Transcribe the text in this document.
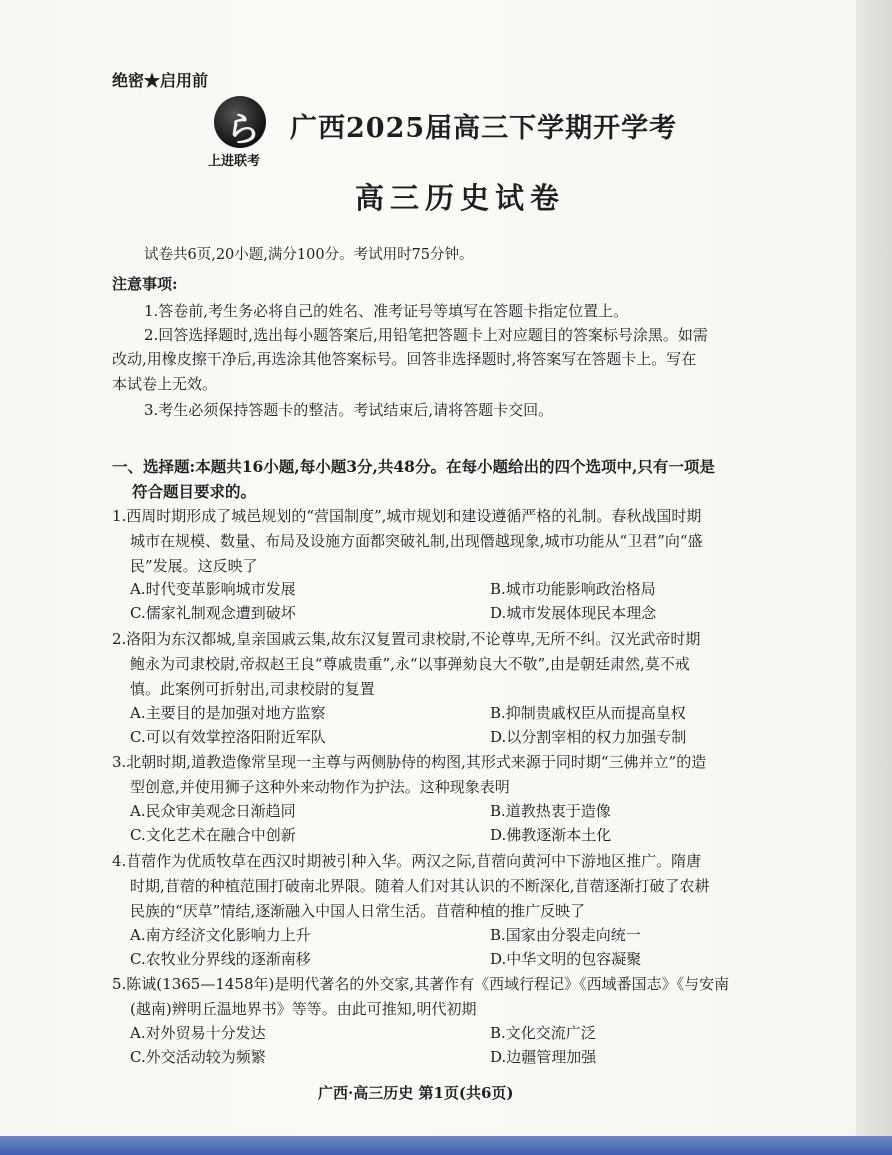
绝密★启用前
ら
上进联考
广西2025届高三下学期开学考
高三历史试卷
试卷共6页,20小题,满分100分。考试用时75分钟。
注意事项:
1.答卷前,考生务必将自己的姓名、准考证号等填写在答题卡指定位置上。
2.回答选择题时,选出每小题答案后,用铅笔把答题卡上对应题目的答案标号涂黑。如需
改动,用橡皮擦干净后,再选涂其他答案标号。回答非选择题时,将答案写在答题卡上。写在
本试卷上无效。
3.考生必须保持答题卡的整洁。考试结束后,请将答题卡交回。
一、选择题:本题共16小题,每小题3分,共48分。在每小题给出的四个选项中,只有一项是
符合题目要求的。
1.西周时期形成了城邑规划的“营国制度”,城市规划和建设遵循严格的礼制。春秋战国时期
城市在规模、数量、布局及设施方面都突破礼制,出现僭越现象,城市功能从“卫君”向“盛
民”发展。这反映了
A.时代变革影响城市发展	B.城市功能影响政治格局
C.儒家礼制观念遭到破坏	D.城市发展体现民本理念
2.洛阳为东汉都城,皇亲国戚云集,故东汉复置司隶校尉,不论尊卑,无所不纠。汉光武帝时期
鲍永为司隶校尉,帝叔赵王良“尊戚贵重”,永“以事弹劾良大不敬”,由是朝廷肃然,莫不戒
慎。此案例可折射出,司隶校尉的复置
A.主要目的是加强对地方监察	B.抑制贵戚权臣从而提高皇权
C.可以有效掌控洛阳附近军队	D.以分割宰相的权力加强专制
3.北朝时期,道教造像常呈现一主尊与两侧胁侍的构图,其形式来源于同时期“三佛并立”的造
型创意,并使用狮子这种外来动物作为护法。这种现象表明
A.民众审美观念日渐趋同	B.道教热衷于造像
C.文化艺术在融合中创新	D.佛教逐渐本土化
4.苜蓿作为优质牧草在西汉时期被引种入华。两汉之际,苜蓿向黄河中下游地区推广。隋唐
时期,苜蓿的种植范围打破南北界限。随着人们对其认识的不断深化,苜蓿逐渐打破了农耕
民族的“厌草”情结,逐渐融入中国人日常生活。苜蓿种植的推广反映了
A.南方经济文化影响力上升	B.国家由分裂走向统一
C.农牧业分界线的逐渐南移	D.中华文明的包容凝聚
5.陈诚(1365—1458年)是明代著名的外交家,其著作有《西域行程记》《西域番国志》《与安南
(越南)辨明丘温地界书》等等。由此可推知,明代初期
A.对外贸易十分发达	B.文化交流广泛
C.外交活动较为频繁	D.边疆管理加强
广西·高三历史 第1页(共6页)
